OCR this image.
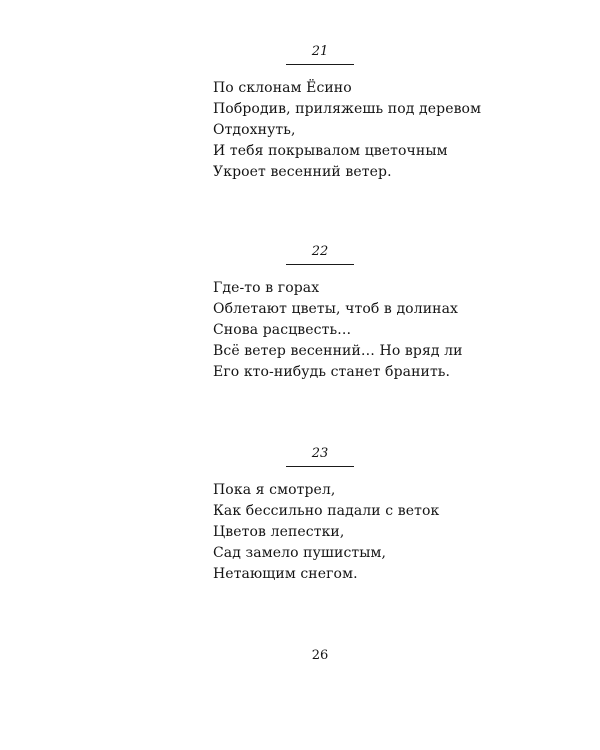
21
По склонам Ёсино
Побродив, приляжешь под деревом
Отдохнуть,
И тебя покрывалом цветочным
Укроет весенний ветер.
22
Где-то в горах
Облетают цветы, чтоб в долинах
Снова расцвесть…
Всё ветер весенний… Но вряд ли
Его кто-нибудь станет бранить.
23
Пока я смотрел,
Как бессильно падали с веток
Цветов лепестки,
Сад замело пушистым,
Нетающим снегом.
26
